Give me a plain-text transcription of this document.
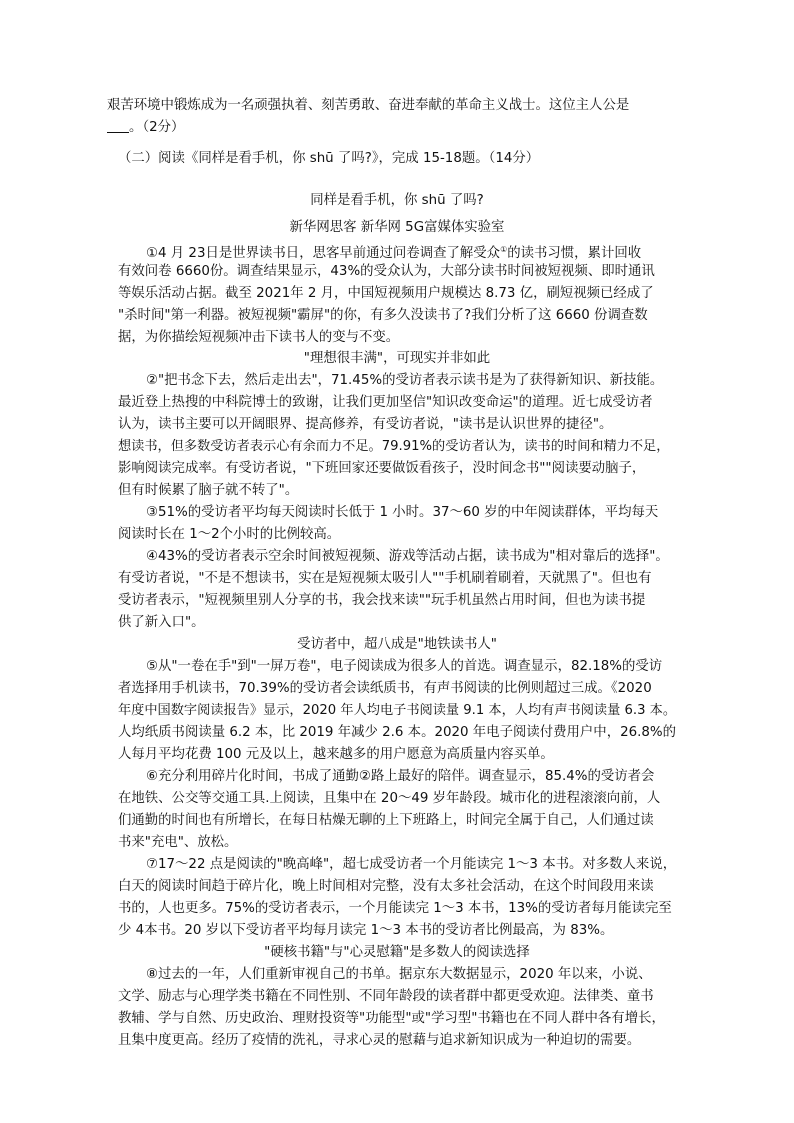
艰苦环境中锻炼成为一名顽强执着、刻苦勇敢、奋进奉献的革命主义战士。这位主人公是
。（2分）
（二）阅读《同样是看手机，你 shū 了吗?》，完成 15-18题。（14分）
同样是看手机，你 shū 了吗?
新华网思客 新华网 5G富媒体实验室
①4 月 23日是世界读书日，思客早前通过问卷调查了解受众①的读书习惯，累计回收
有效问卷 6660份。调查结果显示，43%的受众认为，大部分读书时间被短视频、即时通讯
等娱乐活动占据。截至 2021年 2 月，中国短视频用户规模达 8.73 亿，刷短视频已经成了
"杀时间"第一利器。被短视频"霸屏"的你，有多久没读书了?我们分析了这 6660 份调查数
据，为你描绘短视频冲击下读书人的变与不变。
"理想很丰满"，可现实并非如此
②"把书念下去，然后走出去"，71.45%的受访者表示读书是为了获得新知识、新技能。
最近登上热搜的中科院博士的致谢，让我们更加坚信"知识改变命运"的道理。近七成受访者
认为，读书主要可以开阔眼界、提高修养，有受访者说，"读书是认识世界的捷径"。
想读书，但多数受访者表示心有余而力不足。79.91%的受访者认为，读书的时间和精力不足，
影响阅读完成率。有受访者说，"下班回家还要做饭看孩子，没时间念书""阅读要动脑子，
但有时候累了脑子就不转了"。
③51%的受访者平均每天阅读时长低于 1 小时。37～60 岁的中年阅读群体，平均每天
阅读时长在 1～2个小时的比例较高。
④43%的受访者表示空余时间被短视频、游戏等活动占据，读书成为"相对靠后的选择"。
有受访者说，"不是不想读书，实在是短视频太吸引人""手机刷着刷着，天就黑了"。但也有
受访者表示，"短视频里别人分享的书，我会找来读""玩手机虽然占用时间，但也为读书提
供了新入口"。
受访者中，超八成是"地铁读书人"
⑤从"一卷在手"到"一屏万卷"，电子阅读成为很多人的首选。调查显示，82.18%的受访
者选择用手机读书，70.39%的受访者会读纸质书，有声书阅读的比例则超过三成。《2020
年度中国数字阅读报告》显示，2020 年人均电子书阅读量 9.1 本，人均有声书阅读量 6.3 本。
人均纸质书阅读量 6.2 本，比 2019 年减少 2.6 本。2020 年电子阅读付费用户中，26.8%的
人每月平均花费 100 元及以上，越来越多的用户愿意为高质量内容买单。
⑥充分利用碎片化时间，书成了通勤②路上最好的陪伴。调查显示，85.4%的受访者会
在地铁、公交等交通工具.上阅读，且集中在 20～49 岁年龄段。城市化的进程滚滚向前，人
们通勤的时间也有所增长，在每日枯燥无聊的上下班路上，时间完全属于自己，人们通过读
书来"充电"、放松。
⑦17～22 点是阅读的"晚高峰"，超七成受访者一个月能读完 1～3 本书。对多数人来说，
白天的阅读时间趋于碎片化，晚上时间相对完整，没有太多社会活动，在这个时间段用来读
书的，人也更多。75%的受访者表示，一个月能读完 1～3 本书，13%的受访者每月能读完至
少 4本书。20 岁以下受访者平均每月读完 1～3 本书的受访者比例最高，为 83%。
"硬核书籍"与"心灵慰籍"是多数人的阅读选择
⑧过去的一年，人们重新审视自己的书单。据京东大数据显示，2020 年以来，小说、
文学、励志与心理学类书籍在不同性别、不同年龄段的读者群中都更受欢迎。法律类、童书
教辅、学与自然、历史政治、理财投资等"功能型"或"学习型"书籍也在不同人群中各有增长，
且集中度更高。经历了疫情的洗礼，寻求心灵的慰藉与追求新知识成为一种迫切的需要。
